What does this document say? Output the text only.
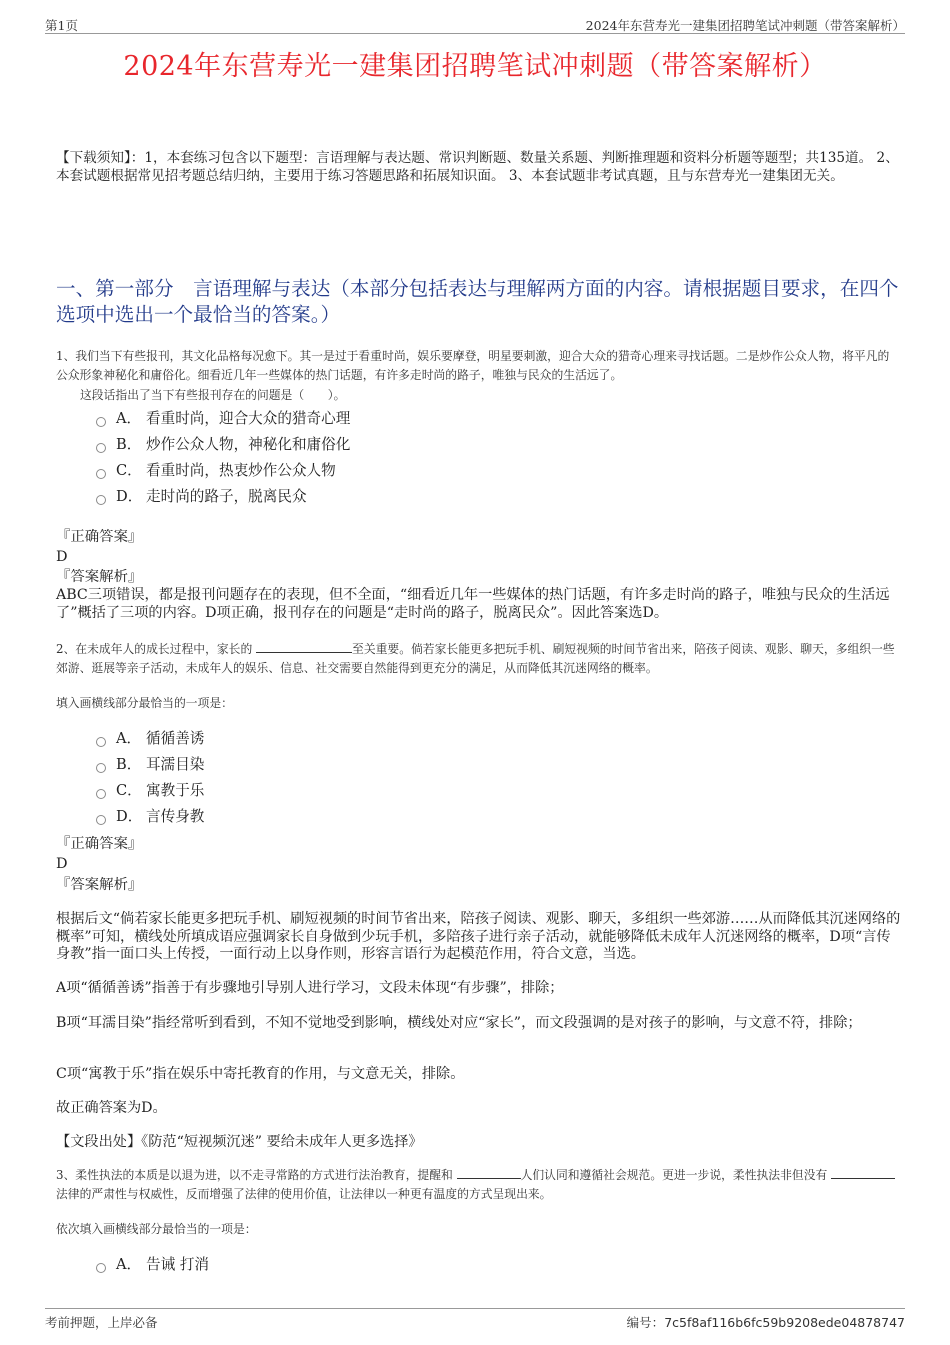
第1页	2024年东营寿光一建集团招聘笔试冲刺题（带答案解析）
2024年东营寿光一建集团招聘笔试冲刺题（带答案解析）
【下载须知】：1，本套练习包含以下题型：言语理解与表达题、常识判断题、数量关系题、判断推理题和资料分析题等题型；共135道。 2、本套试题根据常见招考题总结归纳，主要用于练习答题思路和拓展知识面。 3、本套试题非考试真题，且与东营寿光一建集团无关。
一、第一部分　言语理解与表达（本部分包括表达与理解两方面的内容。请根据题目要求，在四个选项中选出一个最恰当的答案。）
1、我们当下有些报刊，其文化品格每况愈下。其一是过于看重时尚，娱乐要摩登，明星要刺激，迎合大众的猎奇心理来寻找话题。二是炒作公众人物，将平凡的公众形象神秘化和庸俗化。细看近几年一些媒体的热门话题，有许多走时尚的路子，唯独与民众的生活远了。
这段话指出了当下有些报刊存在的问题是（　　）。
A． 看重时尚，迎合大众的猎奇心理
B． 炒作公众人物，神秘化和庸俗化
C． 看重时尚，热衷炒作公众人物
D． 走时尚的路子，脱离民众
『正确答案』
D
『答案解析』
ABC三项错误，都是报刊问题存在的表现，但不全面，“细看近几年一些媒体的热门话题，有许多走时尚的路子，唯独与民众的生活远了”概括了三项的内容。D项正确，报刊存在的问题是“走时尚的路子，脱离民众”。因此答案选D。
2、在未成年人的成长过程中，家长的	至关重要。倘若家长能更多把玩手机、刷短视频的时间节省出来，陪孩子阅读、观影、聊天，多组织一些郊游、逛展等亲子活动，未成年人的娱乐、信息、社交需要自然能得到更充分的满足，从而降低其沉迷网络的概率。
填入画横线部分最恰当的一项是：
A． 循循善诱
B． 耳濡目染
C． 寓教于乐
D． 言传身教
『正确答案』
D
『答案解析』
根据后文“倘若家长能更多把玩手机、刷短视频的时间节省出来，陪孩子阅读、观影、聊天，多组织一些郊游……从而降低其沉迷网络的概率”可知，横线处所填成语应强调家长自身做到少玩手机，多陪孩子进行亲子活动，就能够降低未成年人沉迷网络的概率，D项“言传身教”指一面口头上传授，一面行动上以身作则，形容言语行为起模范作用，符合文意，当选。
A项“循循善诱”指善于有步骤地引导别人进行学习，文段未体现“有步骤”，排除；
B项“耳濡目染”指经常听到看到，不知不觉地受到影响，横线处对应“家长”，而文段强调的是对孩子的影响，与文意不符，排除；
C项“寓教于乐”指在娱乐中寄托教育的作用，与文意无关，排除。
故正确答案为D。
【文段出处】《防范“短视频沉迷” 要给未成年人更多选择》
3、柔性执法的本质是以退为进，以不走寻常路的方式进行法治教育，提醒和	人们认同和遵循社会规范。更进一步说，柔性执法非但没有 法律的严肃性与权威性，反而增强了法律的使用价值，让法律以一种更有温度的方式呈现出来。
依次填入画横线部分最恰当的一项是：
A． 告诫 打消
考前押题，上岸必备	编号：7c5f8af116b6fc59b9208ede04878747
